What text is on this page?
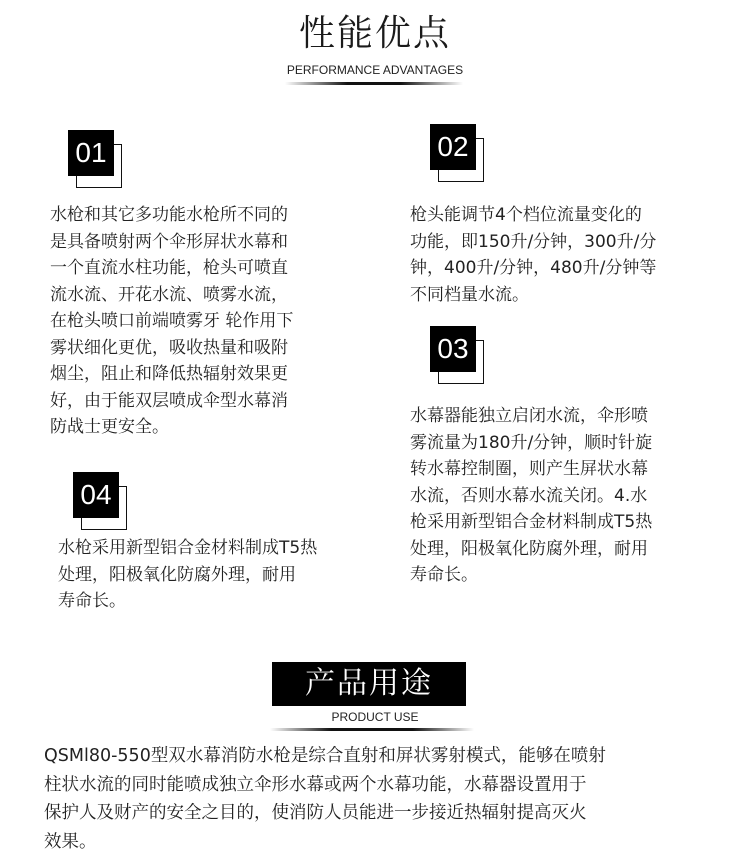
性能优点
PERFORMANCE ADVANTAGES
01

水枪和其它多功能水枪所不同的

是具备喷射两个伞形屏状水幕和

一个直流水柱功能，枪头可喷直

流水流、开花水流、喷雾水流，

在枪头喷口前端喷雾牙 轮作用下

雾状细化更优，吸收热量和吸附

烟尘，阻止和降低热辐射效果更

好，由于能双层喷成伞型水幕消

防战士更安全。

02

枪头能调节4个档位流量变化的

功能，即150升/分钟，300升/分

钟，400升/分钟，480升/分钟等

不同档量水流。

03

水幕器能独立启闭水流，伞形喷

雾流量为180升/分钟，顺时针旋

转水幕控制圈，则产生屏状水幕

水流，否则水幕水流关闭。4.水

枪采用新型铝合金材料制成T5热

处理，阳极氧化防腐外理，耐用

寿命长。

04

水枪采用新型铝合金材料制成T5热

处理，阳极氧化防腐外理，耐用

寿命长。

产品用途
PRODUCT USE

QSMl80-550型双水幕消防水枪是综合直射和屏状雾射模式，能够在喷射

柱状水流的同时能喷成独立伞形水幕或两个水幕功能，水幕器设置用于

保护人及财产的安全之目的，使消防人员能进一步接近热辐射提高灭火

效果。
